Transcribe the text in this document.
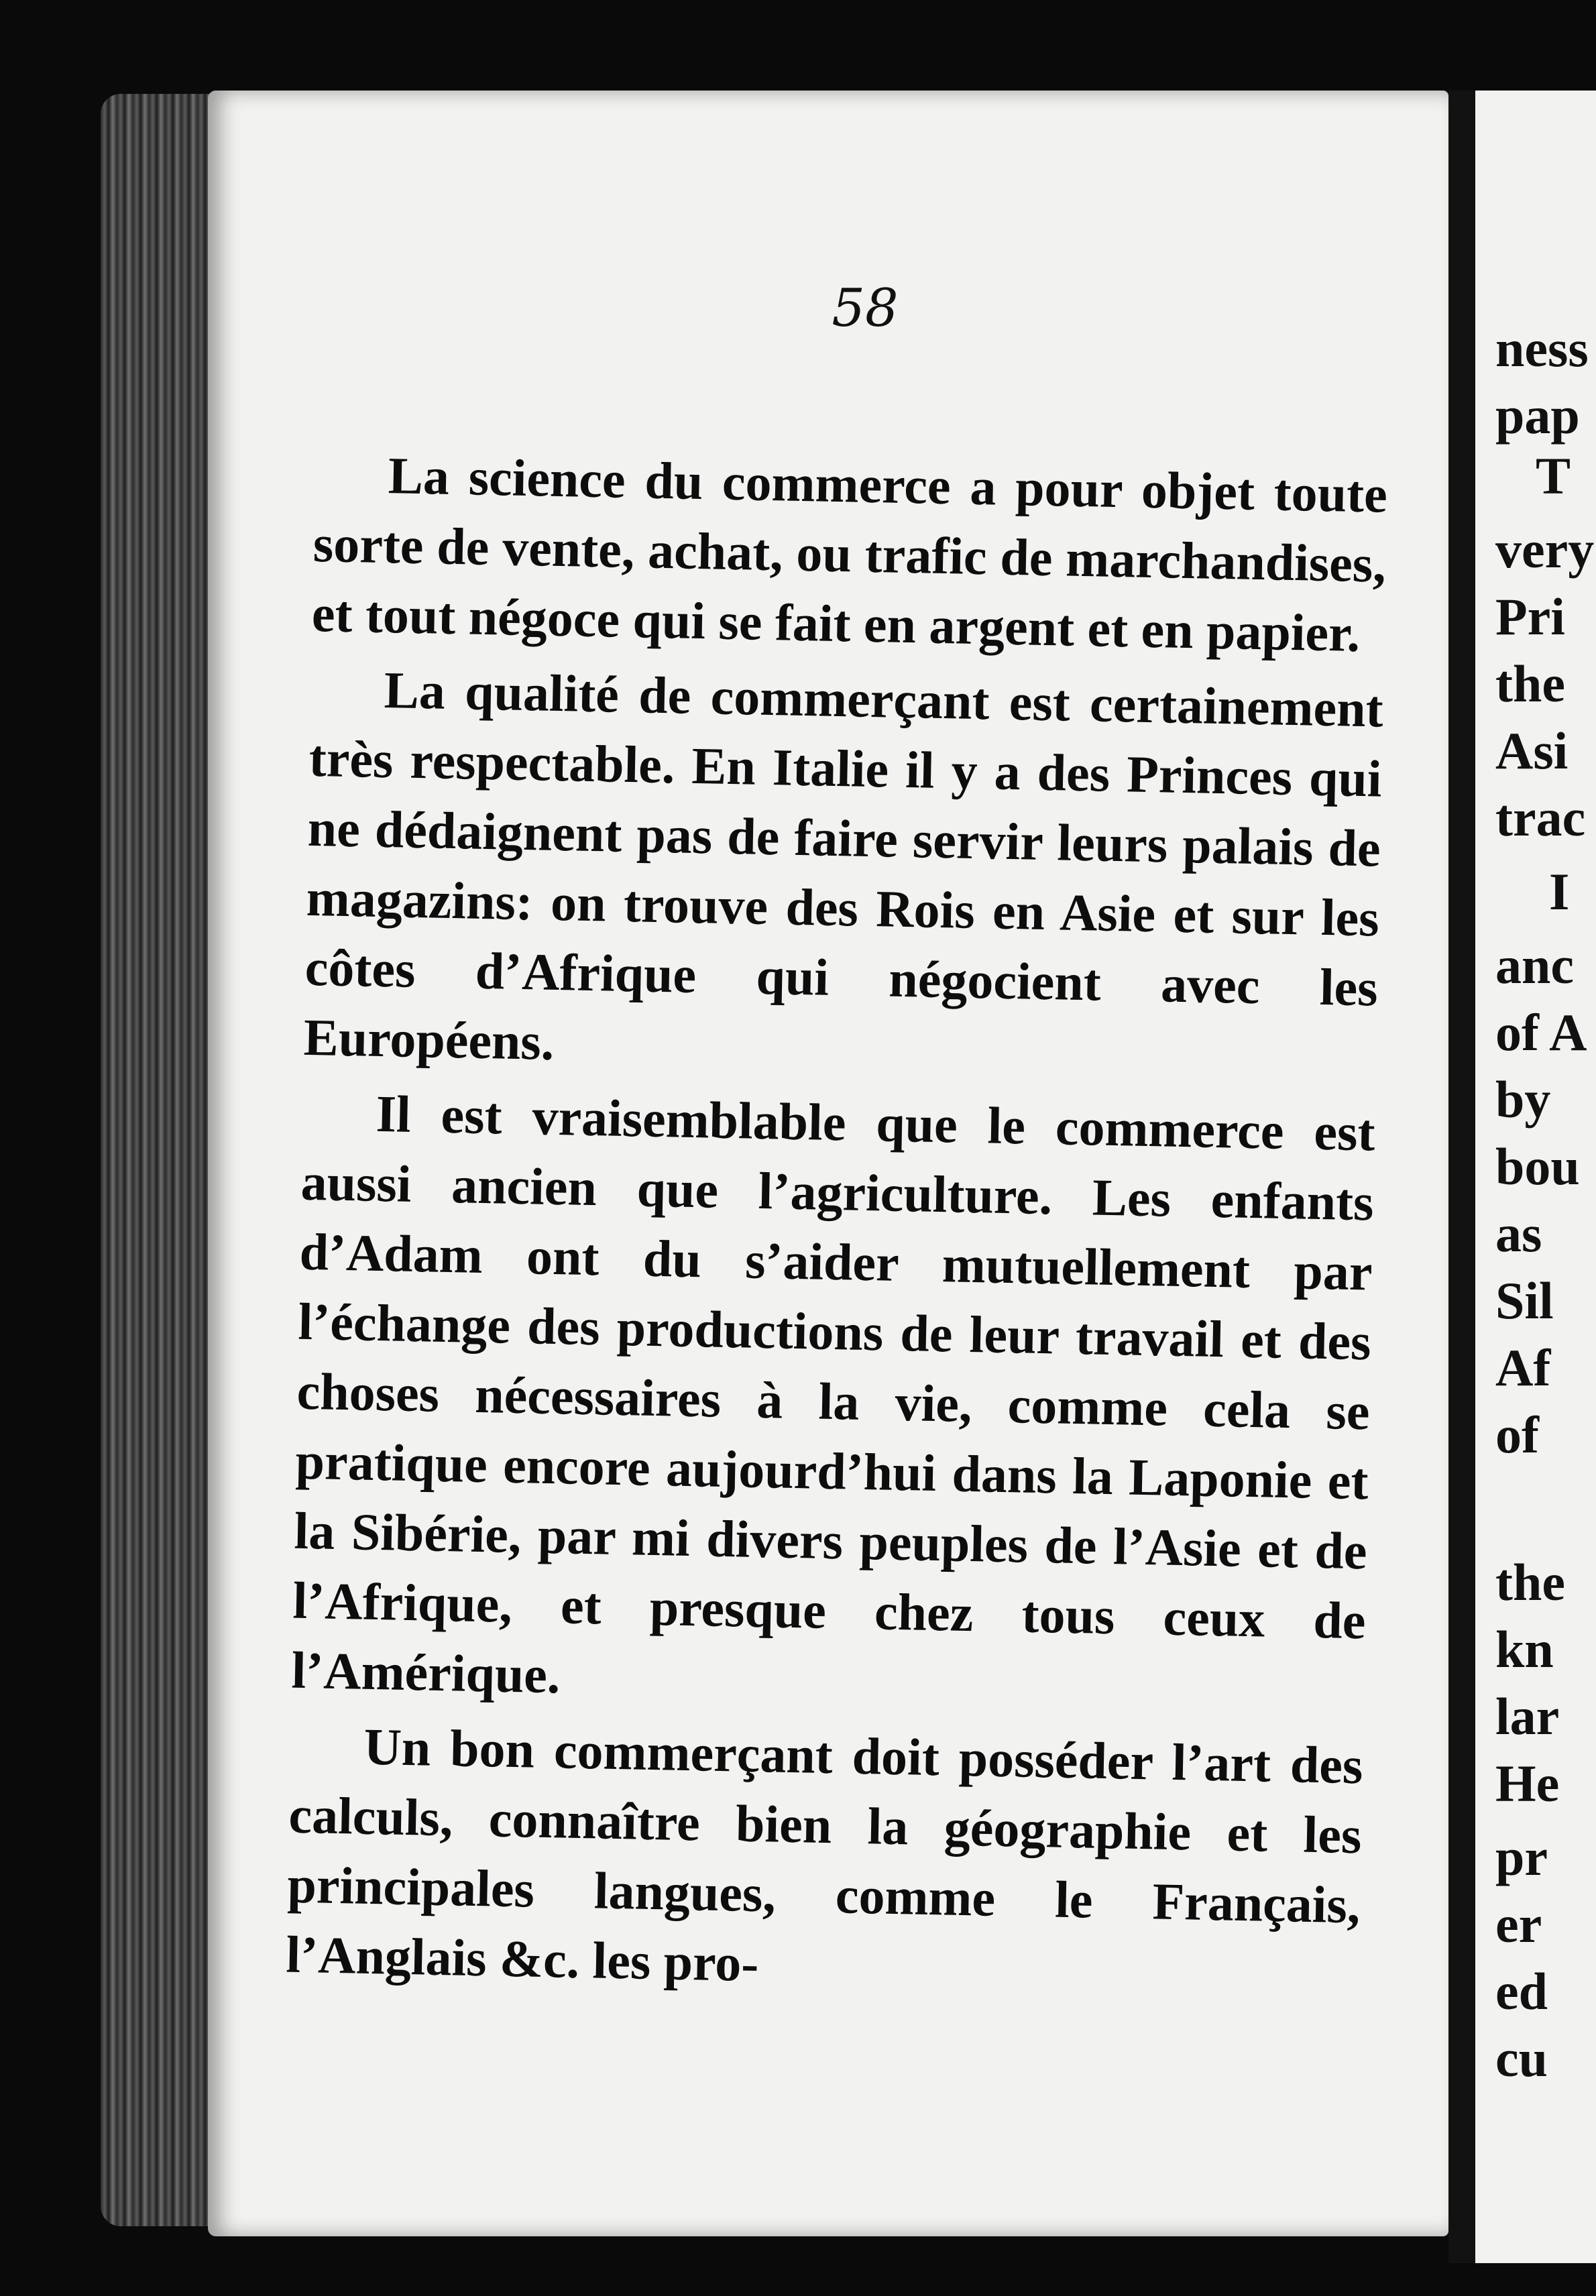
58

La science du commerce a pour objet toute sorte de vente, achat, ou trafic de marchandises, et tout négoce qui se fait en argent et en papier.

La qualité de commerçant est certainement très respectable. En Italie il y a des Princes qui ne dédaignent pas de faire servir leurs palais de magazins: on trouve des Rois en Asie et sur les côtes d’Afrique qui négocient avec les Européens.

Il est vraisemblable que le commerce est aussi ancien que l’agriculture. Les enfants d’Adam ont du s’aider mutuellement par l’échange des productions de leur travail et des choses nécessaires à la vie, comme cela se pratique encore aujourd’hui dans la Laponie et la Sibérie, par mi divers peuples de l’Asie et de l’Afrique, et presque chez tous ceux de l’Amérique.

Un bon commerçant doit posséder l’art des calculs, connaître bien la géographie et les principales langues, comme le Français, l’Anglais &c. les pro-

ness
pap
T
very
Pri
the
Asi
trac
I
anc
of A
by
bou
as
Sil
Af
of
the
kn
lar
He
pr
er
ed
cu
